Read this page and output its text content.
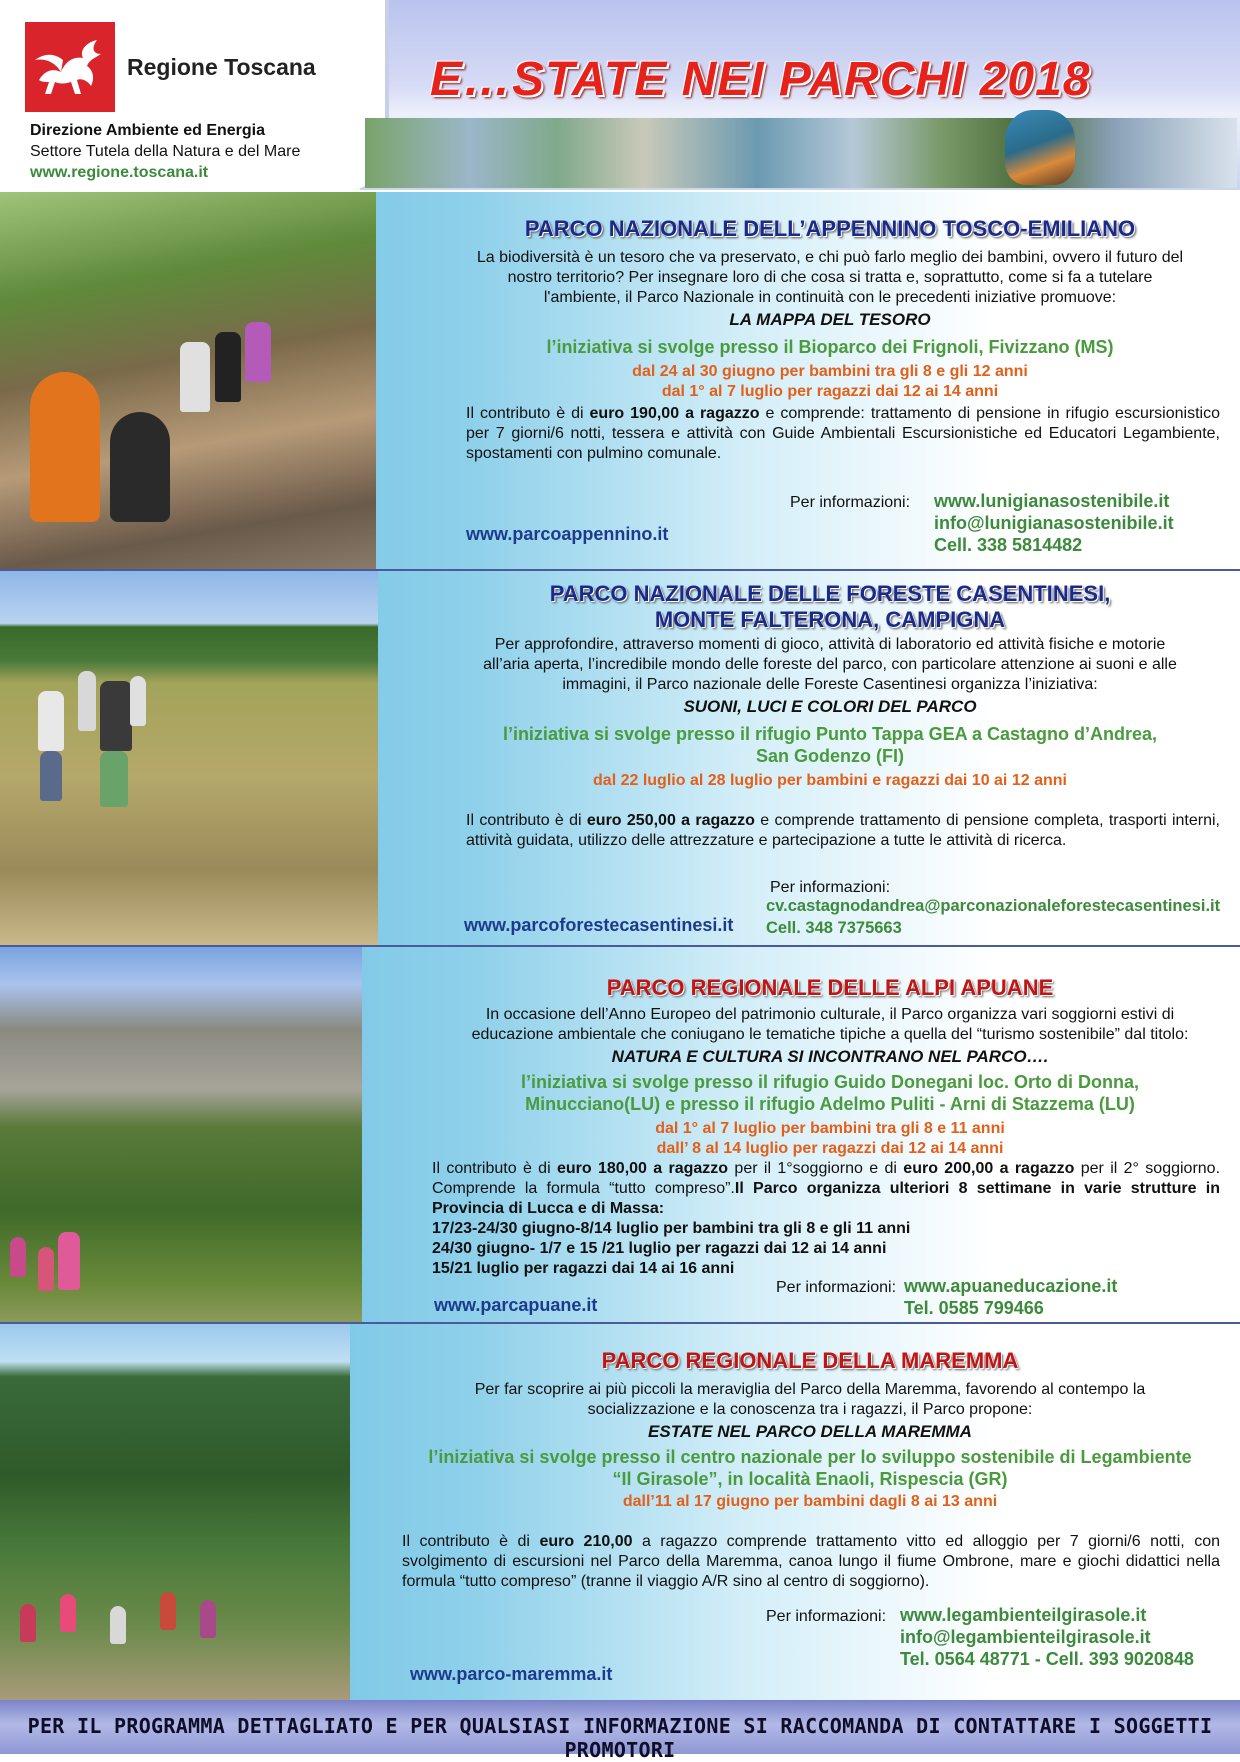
Regione Toscana
Direzione Ambiente ed Energia
Settore Tutela della Natura e del Mare
www.regione.toscana.it
E…STATE NEI PARCHI 2018
PARCO NAZIONALE DELL’APPENNINO TOSCO-EMILIANO
La biodiversità è un tesoro che va preservato, e chi può farlo meglio dei bambini, ovvero il futuro del
nostro territorio? Per insegnare loro di che cosa si tratta e, soprattutto, come si fa a tutelare
l'ambiente, il Parco Nazionale in continuità con le precedenti iniziative promuove:
LA MAPPA DEL TESORO
l’iniziativa si svolge presso il Bioparco dei Frignoli, Fivizzano (MS)
dal 24 al 30 giugno per bambini tra gli 8 e gli 12 anni
dal 1° al 7 luglio per ragazzi dai 12 ai 14 anni
Il contributo è di euro 190,00 a ragazzo e comprende: trattamento di pensione in rifugio escursionistico per 7 giorni/6 notti, tessera e attività con Guide Ambientali Escursionistiche ed Educatori Legambiente, spostamenti con pulmino comunale.
Per informazioni: www.lunigianasostenibile.it
info@lunigianasostenibile.it
Cell. 338 5814482
www.parcoappennino.it
PARCO NAZIONALE DELLE FORESTE CASENTINESI,
MONTE FALTERONA, CAMPIGNA
Per approfondire, attraverso momenti di gioco, attività di laboratorio ed attività fisiche e motorie
all’aria aperta, l’incredibile mondo delle foreste del parco, con particolare attenzione ai suoni e alle
immagini, il Parco nazionale delle Foreste Casentinesi organizza l’iniziativa:
SUONI, LUCI E COLORI DEL PARCO
l’iniziativa si svolge presso il rifugio Punto Tappa GEA a Castagno d’Andrea,
San Godenzo (FI)
dal 22 luglio al 28 luglio per bambini e ragazzi dai 10 ai 12 anni
Il contributo è di euro 250,00 a ragazzo e comprende trattamento di pensione completa, trasporti interni, attività guidata, utilizzo delle attrezzature e partecipazione a tutte le attività di ricerca.
Per informazioni:
cv.castagnodandrea@parconazionaleforestecasentinesi.it
Cell. 348 7375663
www.parcoforestecasentinesi.it
PARCO REGIONALE DELLE ALPI APUANE
In occasione dell’Anno Europeo del patrimonio culturale, il Parco organizza vari soggiorni estivi di
educazione ambientale che coniugano le tematiche tipiche a quella del “turismo sostenibile” dal titolo:
NATURA E CULTURA SI INCONTRANO NEL PARCO….
l’iniziativa si svolge presso il rifugio Guido Donegani loc. Orto di Donna,
Minucciano(LU) e presso il rifugio Adelmo Puliti - Arni di Stazzema (LU)
dal 1° al 7 luglio per bambini tra gli 8 e 11 anni
dall’ 8 al 14 luglio per ragazzi dai 12 ai 14 anni
Il contributo è di euro 180,00 a ragazzo per il 1°soggiorno e di euro 200,00 a ragazzo per il 2° soggiorno. Comprende la formula “tutto compreso”.Il Parco organizza ulteriori 8 settimane in varie strutture in Provincia di Lucca e di Massa:
17/23-24/30 giugno-8/14 luglio per bambini tra gli 8 e gli 11 anni
24/30 giugno- 1/7 e 15 /21 luglio per ragazzi dai 12 ai 14 anni
15/21 luglio per ragazzi dai 14 ai 16 anni
Per informazioni: www.apuaneducazione.it
Tel. 0585 799466
www.parcapuane.it
PARCO REGIONALE DELLA MAREMMA
Per far scoprire ai più piccoli la meraviglia del Parco della Maremma, favorendo al contempo la
socializzazione e la conoscenza tra i ragazzi, il Parco propone:
ESTATE NEL PARCO DELLA MAREMMA
l’iniziativa si svolge presso il centro nazionale per lo sviluppo sostenibile di Legambiente
“Il Girasole”, in località Enaoli, Rispescia (GR)
dall’11 al 17 giugno per bambini dagli 8 ai 13 anni
Il contributo è di euro 210,00 a ragazzo comprende trattamento vitto ed alloggio per 7 giorni/6 notti, con svolgimento di escursioni nel Parco della Maremma, canoa lungo il fiume Ombrone, mare e giochi didattici nella formula “tutto compreso” (tranne il viaggio A/R sino al centro di soggiorno).
Per informazioni: www.legambienteilgirasole.it
info@legambienteilgirasole.it
Tel. 0564 48771 - Cell. 393 9020848
www.parco-maremma.it
PER IL PROGRAMMA DETTAGLIATO E PER QUALSIASI INFORMAZIONE SI RACCOMANDA DI CONTATTARE I SOGGETTI PROMOTORI
